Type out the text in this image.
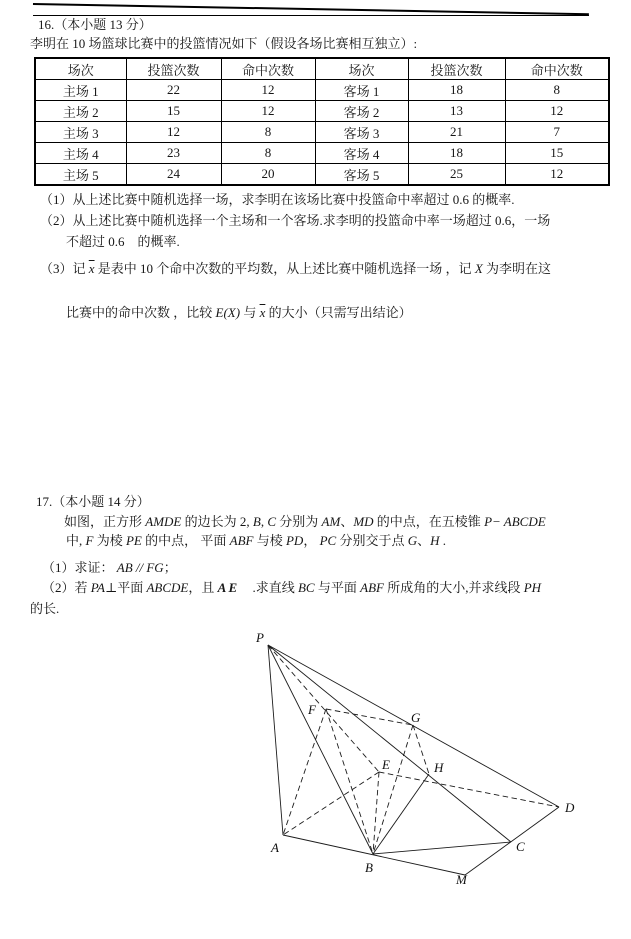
16.（本小题 13 分）
李明在 10 场篮球比赛中的投篮情况如下（假设各场比赛相互独立）:
场次	投篮次数	命中次数	场次	投篮次数	命中次数
主场 1	22	12	客场 1	18	8
主场 2	15	12	客场 2	13	12
主场 3	12	8	客场 3	21	7
主场 4	23	8	客场 4	18	15
主场 5	24	20	客场 5	25	12
（1）从上述比赛中随机选择一场，求李明在该场比赛中投篮命中率超过 0.6 的概率.
（2）从上述比赛中随机选择一个主场和一个客场.求李明的投篮命中率一场超过 0.6，一场
不超过 0.6　的概率.
（3）记 $\overline{x}$ 是表中 10 个命中次数的平均数，从上述比赛中随机选择一场 ，记 X 为李明在这
比赛中的命中次数 ，比较 E(X) 与 $\overline{x}$ 的大小（只需写出结论）
17.（本小题 14 分）
如图，正方形 AMDE 的边长为 2, B, C 分别为 AM、MD 的中点，在五棱锥 P− ABCDE
中, F 为棱 PE 的中点， 平面 ABF 与棱 PD， PC 分别交于点 G、H .
（1）求证： AB // FG；
（2）若 PA⊥平面 ABCDE，且 A E　 .求直线 BC 与平面 ABF 所成角的大小,并求线段 PH
的长.
P
F
G
E	H
D
A
B
C
M
